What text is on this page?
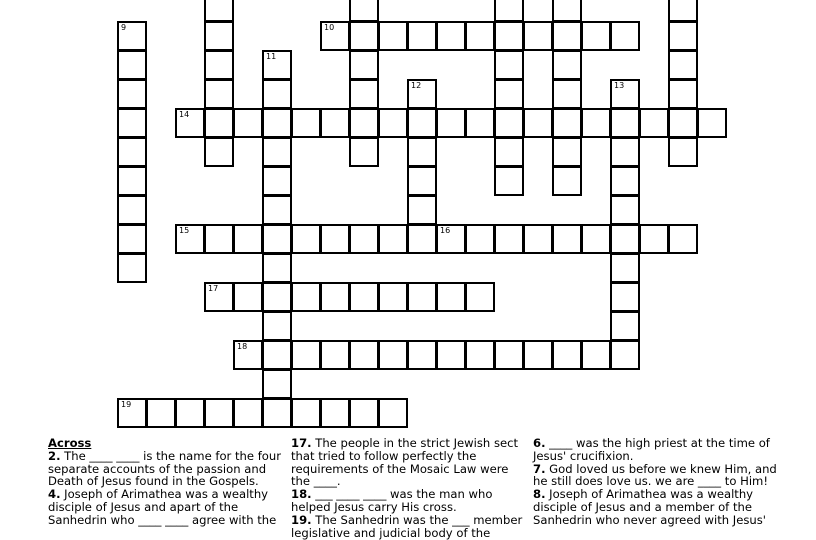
10
14
15	16
17
18
19
9
11
12	13
Across
2. The ____ ____ is the name for the four separate accounts of the passion and Death of Jesus found in the Gospels.
4. Joseph of Arimathea was a wealthy disciple of Jesus and apart of the Sanhedrin who ____ ____ agree with the
17. The people in the strict Jewish sect that tried to follow perfectly the requirements of the Mosaic Law were the ____.
18. ___ ____ ____ was the man who helped Jesus carry His cross.
19. The Sanhedrin was the ___ member legislative and judicial body of the
6. ____ was the high priest at the time of Jesus' crucifixion.
7. God loved us before we knew Him, and he still does love us. we are ____ to Him!
8. Joseph of Arimathea was a wealthy disciple of Jesus and a member of the Sanhedrin who never agreed with Jesus'
